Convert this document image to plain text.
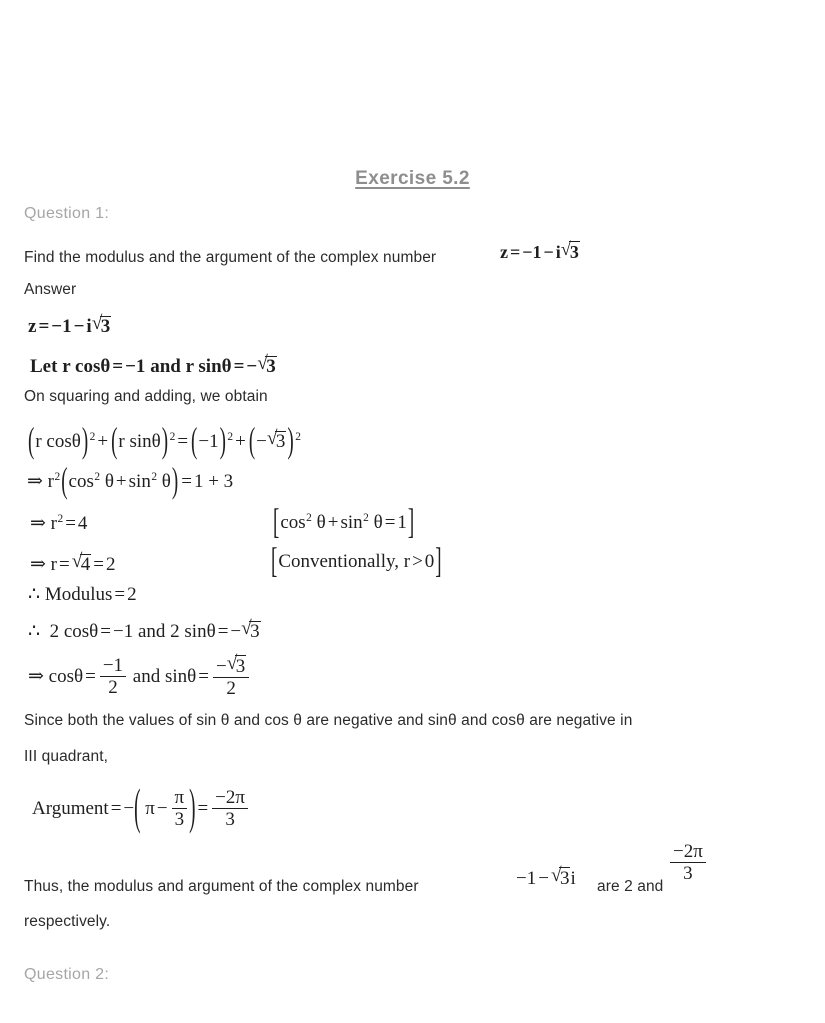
Exercise 5.2
Question 1:
Find the modulus and the argument of the complex number	z = −1 − i √ 3
Answer
z = −1 − i √ 3
Let r cosθ = −1 and r sinθ = − √ 3
On squaring and adding, we obtain
(r cosθ) $^2$ + (r sinθ) $^2$ = (−1) $^2$ + (− √ 3 ) $^2$
⇒ $r^2(\cos^2$ $\theta + \sin^2 \theta) = 1 + 3$
⇒ $r^2 = 4$	[$\cos^2$ $\theta + \sin^2 \theta = 1$]
⇒ r = √ 4 = 2	[Conventionally, r > 0]
∴ Modulus = 2
∴ 2 cosθ = −1 and 2 sinθ = − √ 3
⇒ $\cos\theta = \frac{-1}{2}$ and $\sin\theta = \frac{- √ 3}{2}$
Since both the values of sin θ and cos θ are negative and sinθ and cosθ are negative in
III quadrant,
Argument = −( $\pi - \frac{\pi}{3}$ ) = $\frac{-2\pi}{3}$
Thus, the modulus and argument of the complex number	−1 − √ 3i are 2 and
$\frac{-2\pi}{3}$
respectively.
Question 2:
